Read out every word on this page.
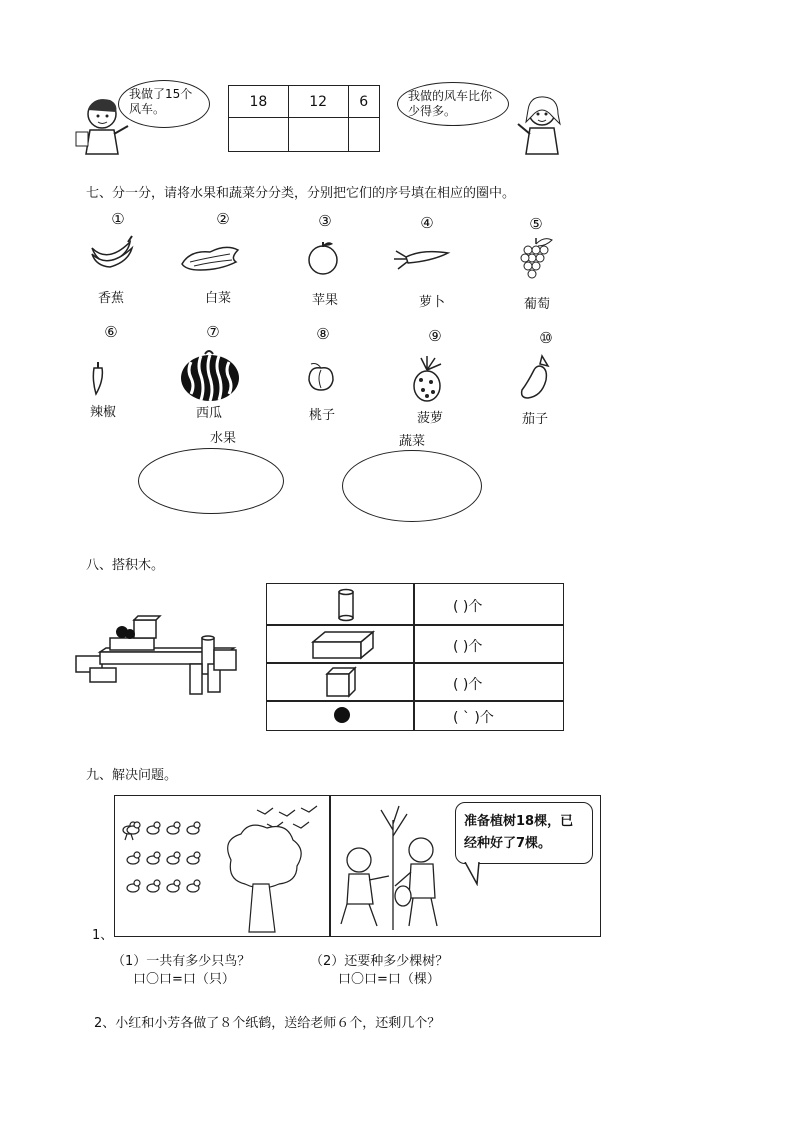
我做了15个风车。	18	12	6
			我做的风车比你少得多。
七、分一分，请将水果和蔬菜分分类，分别把它们的序号填在相应的圈中。
①	②	③	④	⑤
香蕉	白菜	苹果	萝卜	葡萄
⑥	⑦	⑧	⑨	⑩
辣椒	西瓜	桃子	菠萝	茄子
水果	蔬菜
八、搭积木。
( )个
( )个
( )个
( ˋ )个
九、解决问题。
准备植树18棵，已经种好了7棵。
1、
（1）一共有多少只鸟？
口〇口=口（只）
（2）还要种多少棵树？
口〇口=口（棵）
2、小红和小芳各做了８个纸鹤，送给老师６个，还剩几个？
